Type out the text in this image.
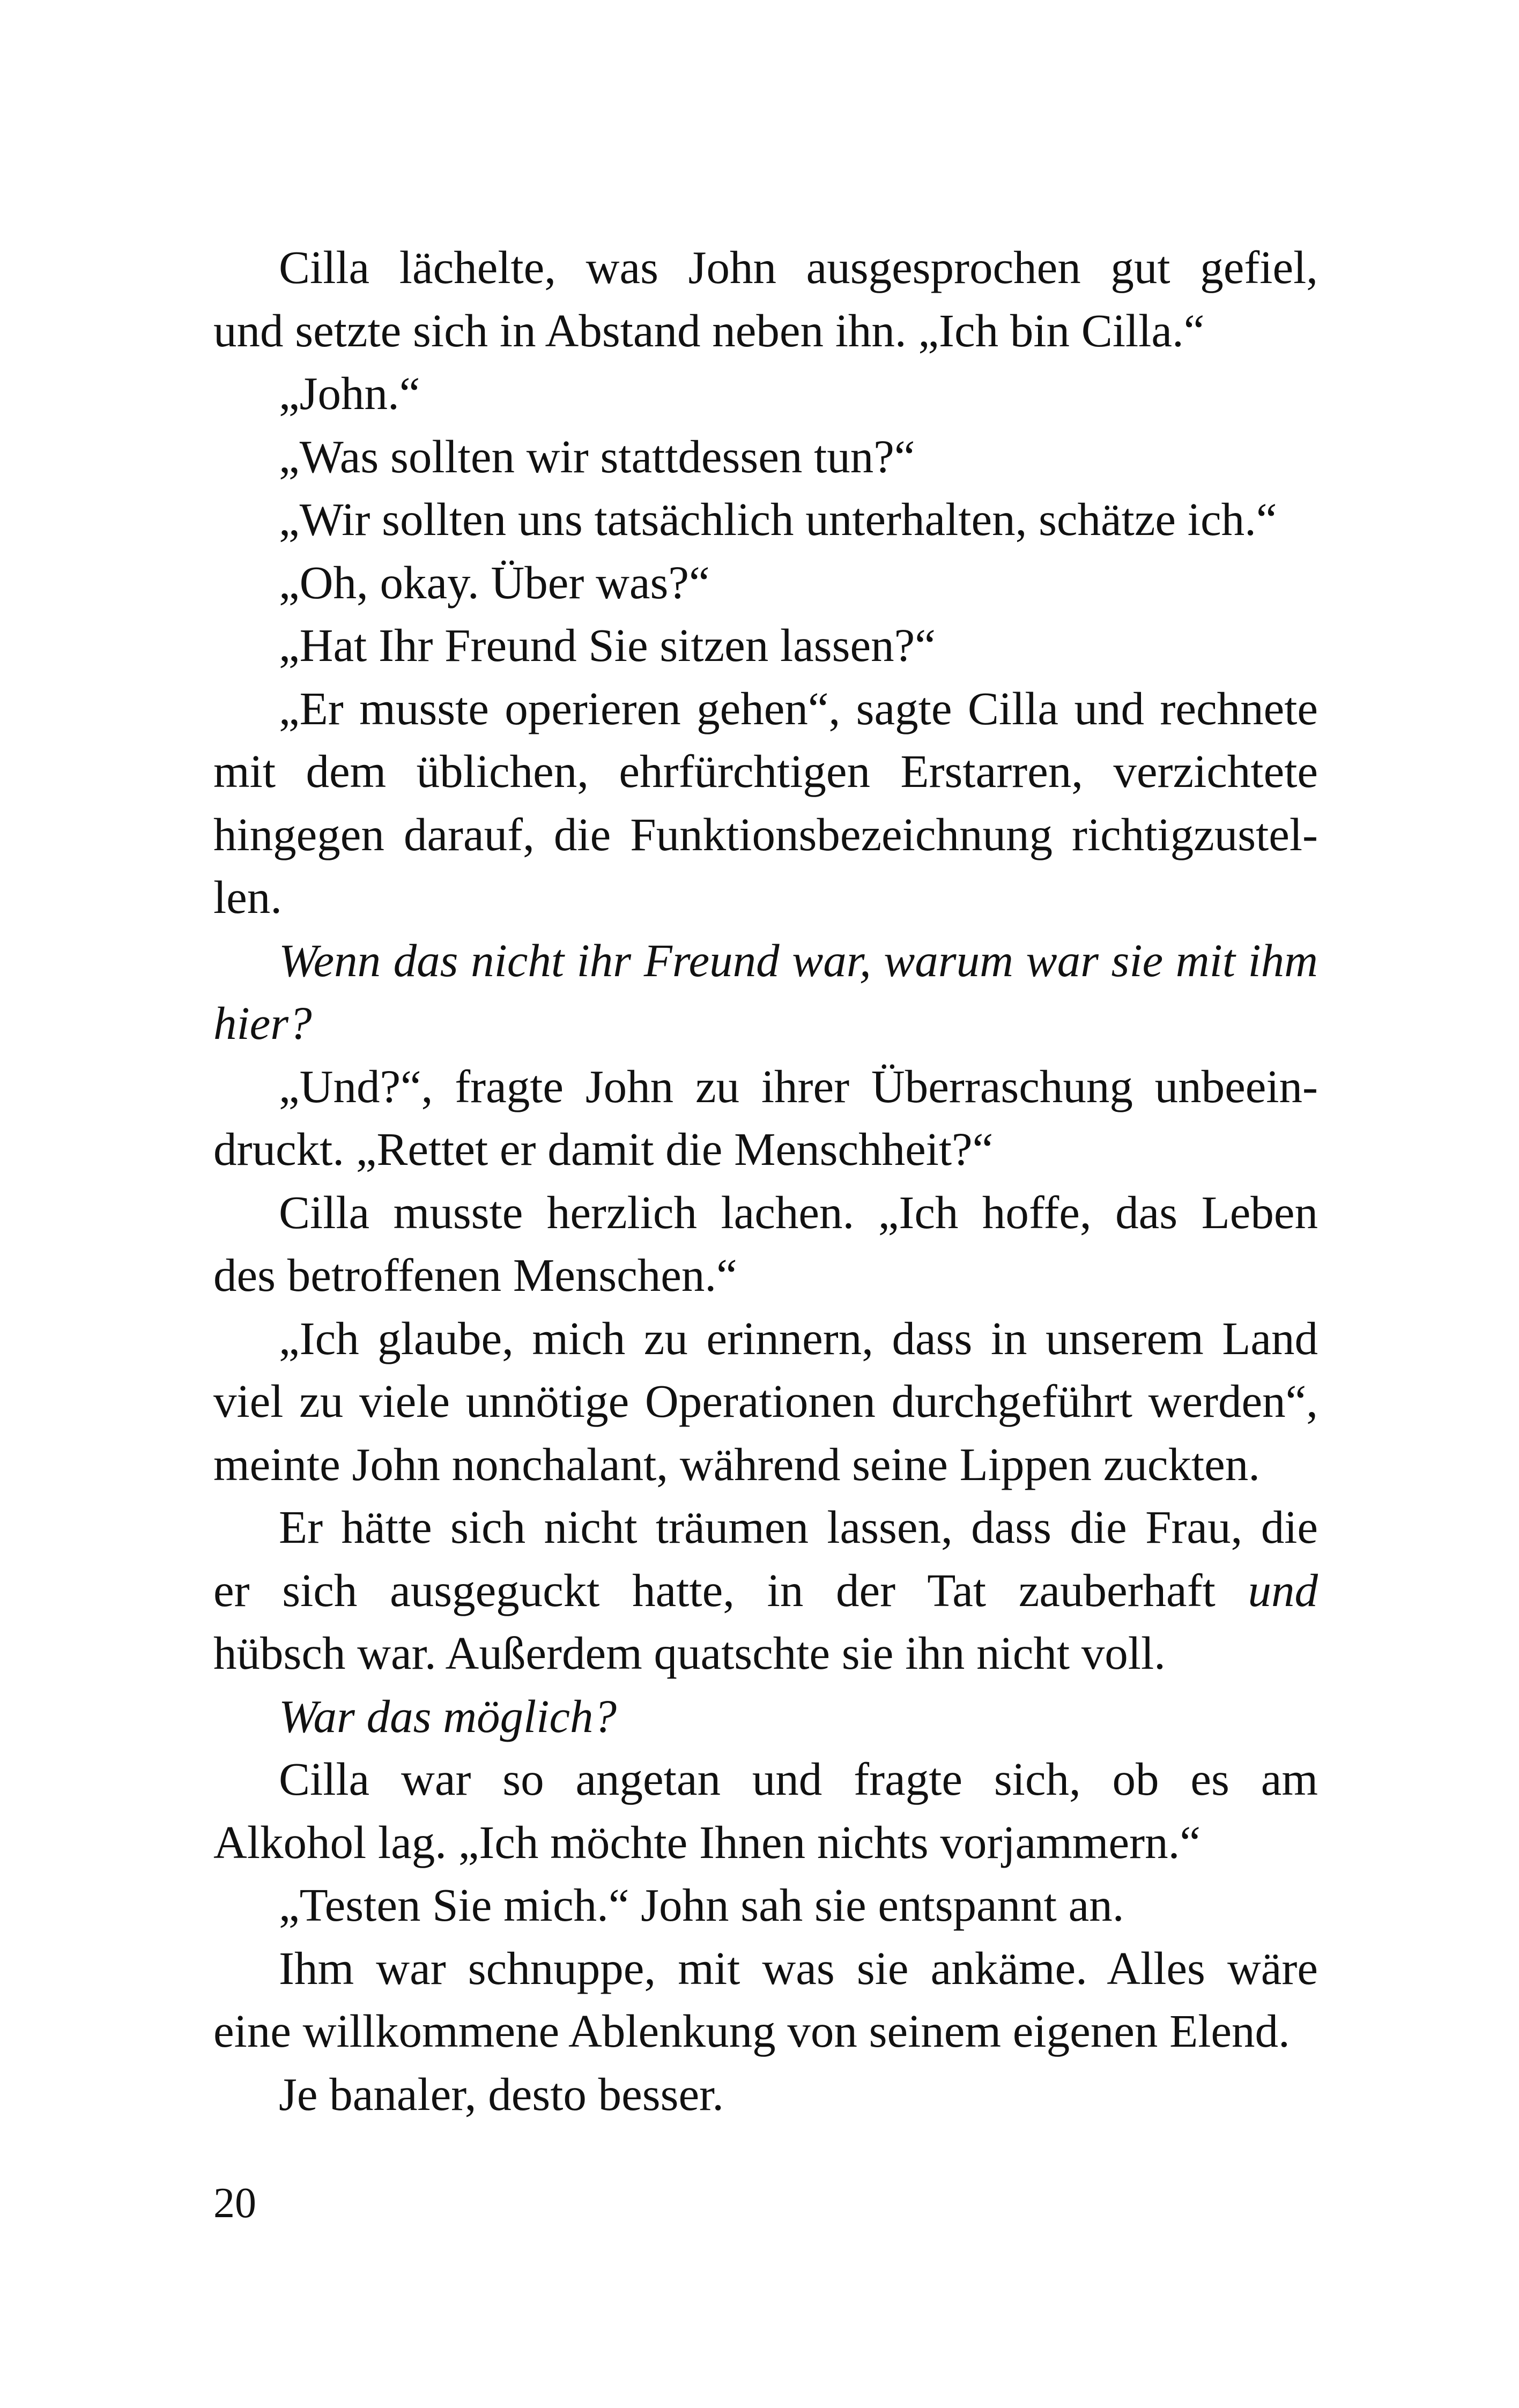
Cilla lächelte, was John ausgesprochen gut gefiel,
und setzte sich in Abstand neben ihn. „Ich bin Cilla.“
„John.“
„Was sollten wir stattdessen tun?“
„Wir sollten uns tatsächlich unterhalten, schätze ich.“
„Oh, okay. Über was?“
„Hat Ihr Freund Sie sitzen lassen?“
„Er musste operieren gehen“, sagte Cilla und rechnete
mit dem üblichen, ehrfürchtigen Erstarren, verzichtete
hingegen darauf, die Funktionsbezeichnung richtigzustel-
len.
Wenn das nicht ihr Freund war, warum war sie mit ihm
hier?
„Und?“, fragte John zu ihrer Überraschung unbeein-
druckt. „Rettet er damit die Menschheit?“
Cilla musste herzlich lachen. „Ich hoffe, das Leben
des betroffenen Menschen.“
„Ich glaube, mich zu erinnern, dass in unserem Land
viel zu viele unnötige Operationen durchgeführt werden“,
meinte John nonchalant, während seine Lippen zuckten.
Er hätte sich nicht träumen lassen, dass die Frau, die
er sich ausgeguckt hatte, in der Tat zauberhaft und
hübsch war. Außerdem quatschte sie ihn nicht voll.
War das möglich?
Cilla war so angetan und fragte sich, ob es am
Alkohol lag. „Ich möchte Ihnen nichts vorjammern.“
„Testen Sie mich.“ John sah sie entspannt an.
Ihm war schnuppe, mit was sie ankäme. Alles wäre
eine willkommene Ablenkung von seinem eigenen Elend.
Je banaler, desto besser.
20
